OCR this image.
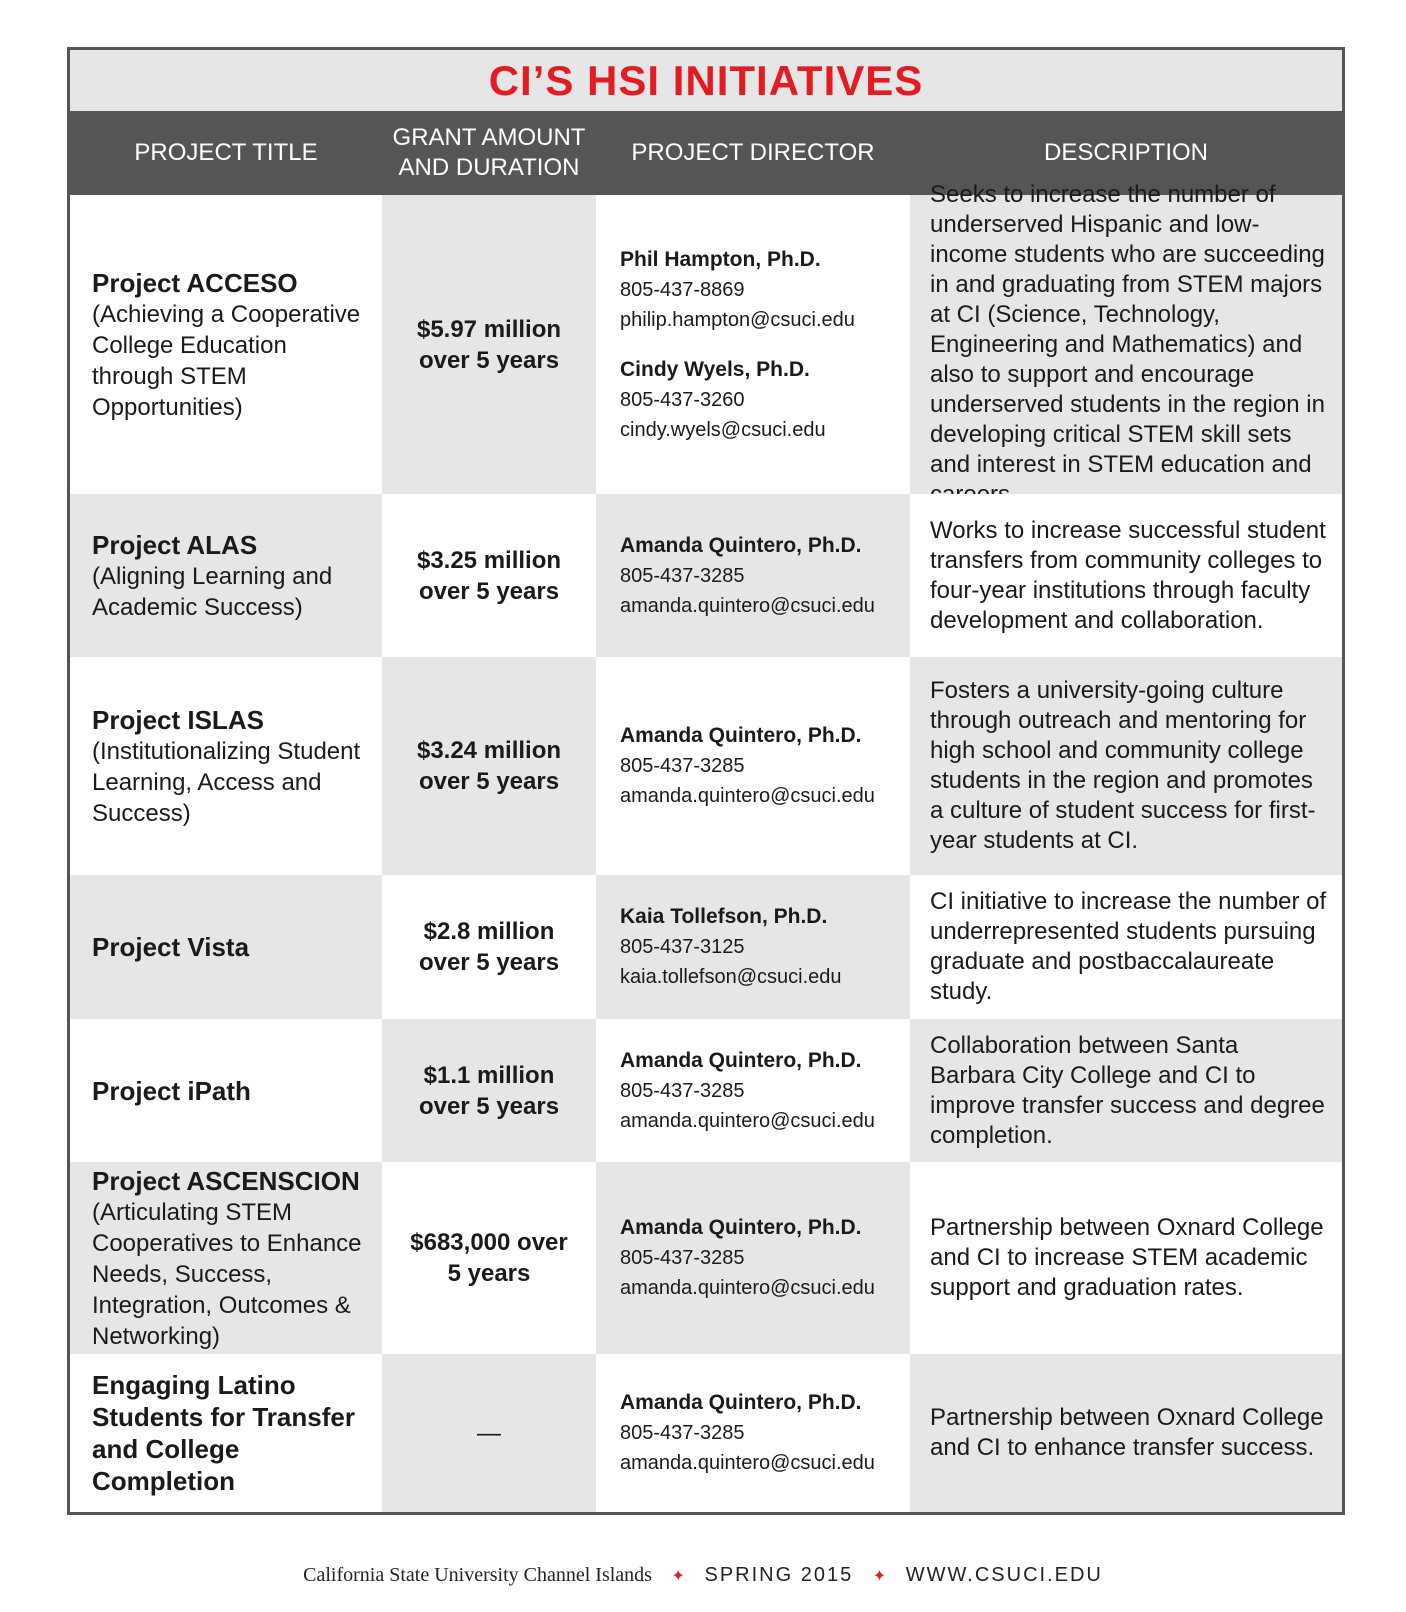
CI’S HSI INITIATIVES
PROJECT TITLE
GRANT AMOUNT
AND DURATION
PROJECT DIRECTOR	DESCRIPTION
Project ACCESO
(Achieving a Cooperative College Education through STEM Opportunities)
$5.97 million
over 5 years
Phil Hampton, Ph.D.
805-437-8869
philip.hampton@csuci.edu
Cindy Wyels, Ph.D.
805-437-3260
cindy.wyels@csuci.edu
Seeks to increase the number of underserved Hispanic and low-income students who are succeeding in and graduating from STEM majors at CI (Science, Technology, Engineering and Mathematics) and also to support and encourage underserved students in the region in developing critical STEM skill sets and interest in STEM education and
Project ALAS
(Aligning Learning and Academic Success)
$3.25 million
over 5 years
Amanda Quintero, Ph.D.
805-437-3285
amanda.quintero@csuci.edu
Works to increase successful student transfers from community colleges to four-year institutions through faculty development and collaboration.
Project ISLAS
(Institutionalizing Student Learning, Access and Success)
$3.24 million
over 5 years
Amanda Quintero, Ph.D.
805-437-3285
amanda.quintero@csuci.edu
Fosters a university-going culture through outreach and mentoring for high school and community college students in the region and promotes a culture of student success for first-year students at CI.
Project Vista
$2.8 million
over 5 years
Kaia Tollefson, Ph.D.
805-437-3125
kaia.tollefson@csuci.edu
CI initiative to increase the number of underrepresented students pursuing graduate and postbaccalaureate study.
Project iPath
$1.1 million
over 5 years
Amanda Quintero, Ph.D.
805-437-3285
amanda.quintero@csuci.edu
Collaboration between Santa Barbara City College and CI to improve transfer success and degree completion.
Project ASCENSCION
(Articulating STEM Cooperatives to Enhance Needs, Success, Integration, Outcomes & Networking)
$683,000 over
5 years
Amanda Quintero, Ph.D.
805-437-3285
amanda.quintero@csuci.edu
Partnership between Oxnard College and CI to increase STEM academic support and graduation rates.
Engaging Latino Students for Transfer and College Completion
—
Amanda Quintero, Ph.D.
805-437-3285
amanda.quintero@csuci.edu
Partnership between Oxnard College and CI to enhance transfer success.
California State University Channel Islands ✦ SPRING 2015 ✦ WWW.CSUCI.EDU
